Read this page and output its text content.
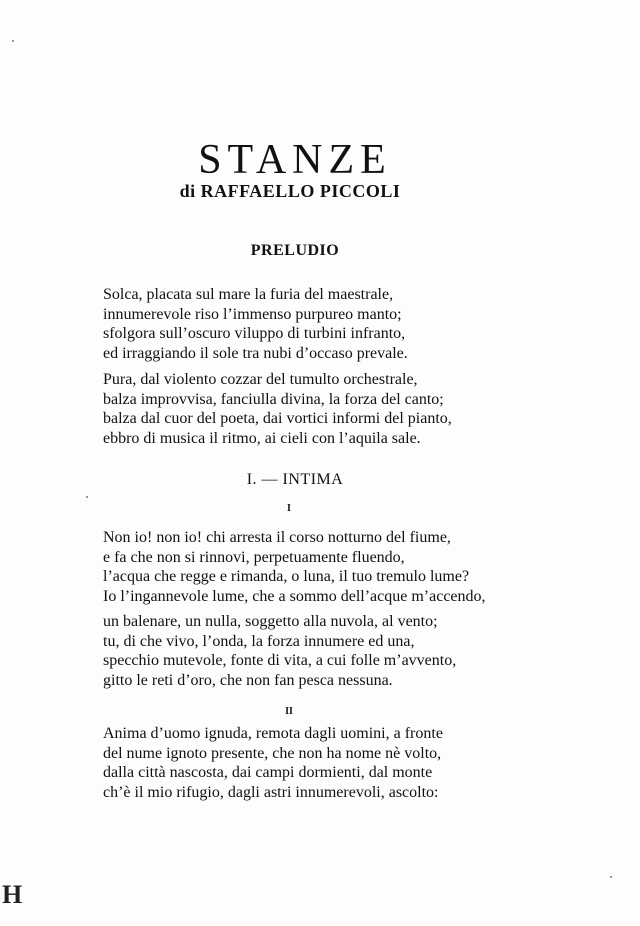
STANZE
di RAFFAELLO PICCOLI
PRELUDIO
Solca, placata sul mare la furia del maestrale,
innumerevole riso l’immenso purpureo manto;
sfolgora sull’oscuro viluppo di turbini infranto,
ed irraggiando il sole tra nubi d’occaso prevale.
Pura, dal violento cozzar del tumulto orchestrale,
balza improvvisa, fanciulla divina, la forza del canto;
balza dal cuor del poeta, dai vortici informi del pianto,
ebbro di musica il ritmo, ai cieli con l’aquila sale.
I. — INTIMA
I
Non io! non io! chi arresta il corso notturno del fiume,
e fa che non si rinnovi, perpetuamente fluendo,
l’acqua che regge e rimanda, o luna, il tuo tremulo lume?
Io l’ingannevole lume, che a sommo dell’acque m’accendo,
un balenare, un nulla, soggetto alla nuvola, al vento;
tu, di che vivo, l’onda, la forza innumere ed una,
specchio mutevole, fonte di vita, a cui folle m’avvento,
gitto le reti d’oro, che non fan pesca nessuna.
II
Anima d’uomo ignuda, remota dagli uomini, a fronte
del nume ignoto presente, che non ha nome nè volto,
dalla città nascosta, dai campi dormienti, dal monte
ch’è il mio rifugio, dagli astri innumerevoli, ascolto:
H
